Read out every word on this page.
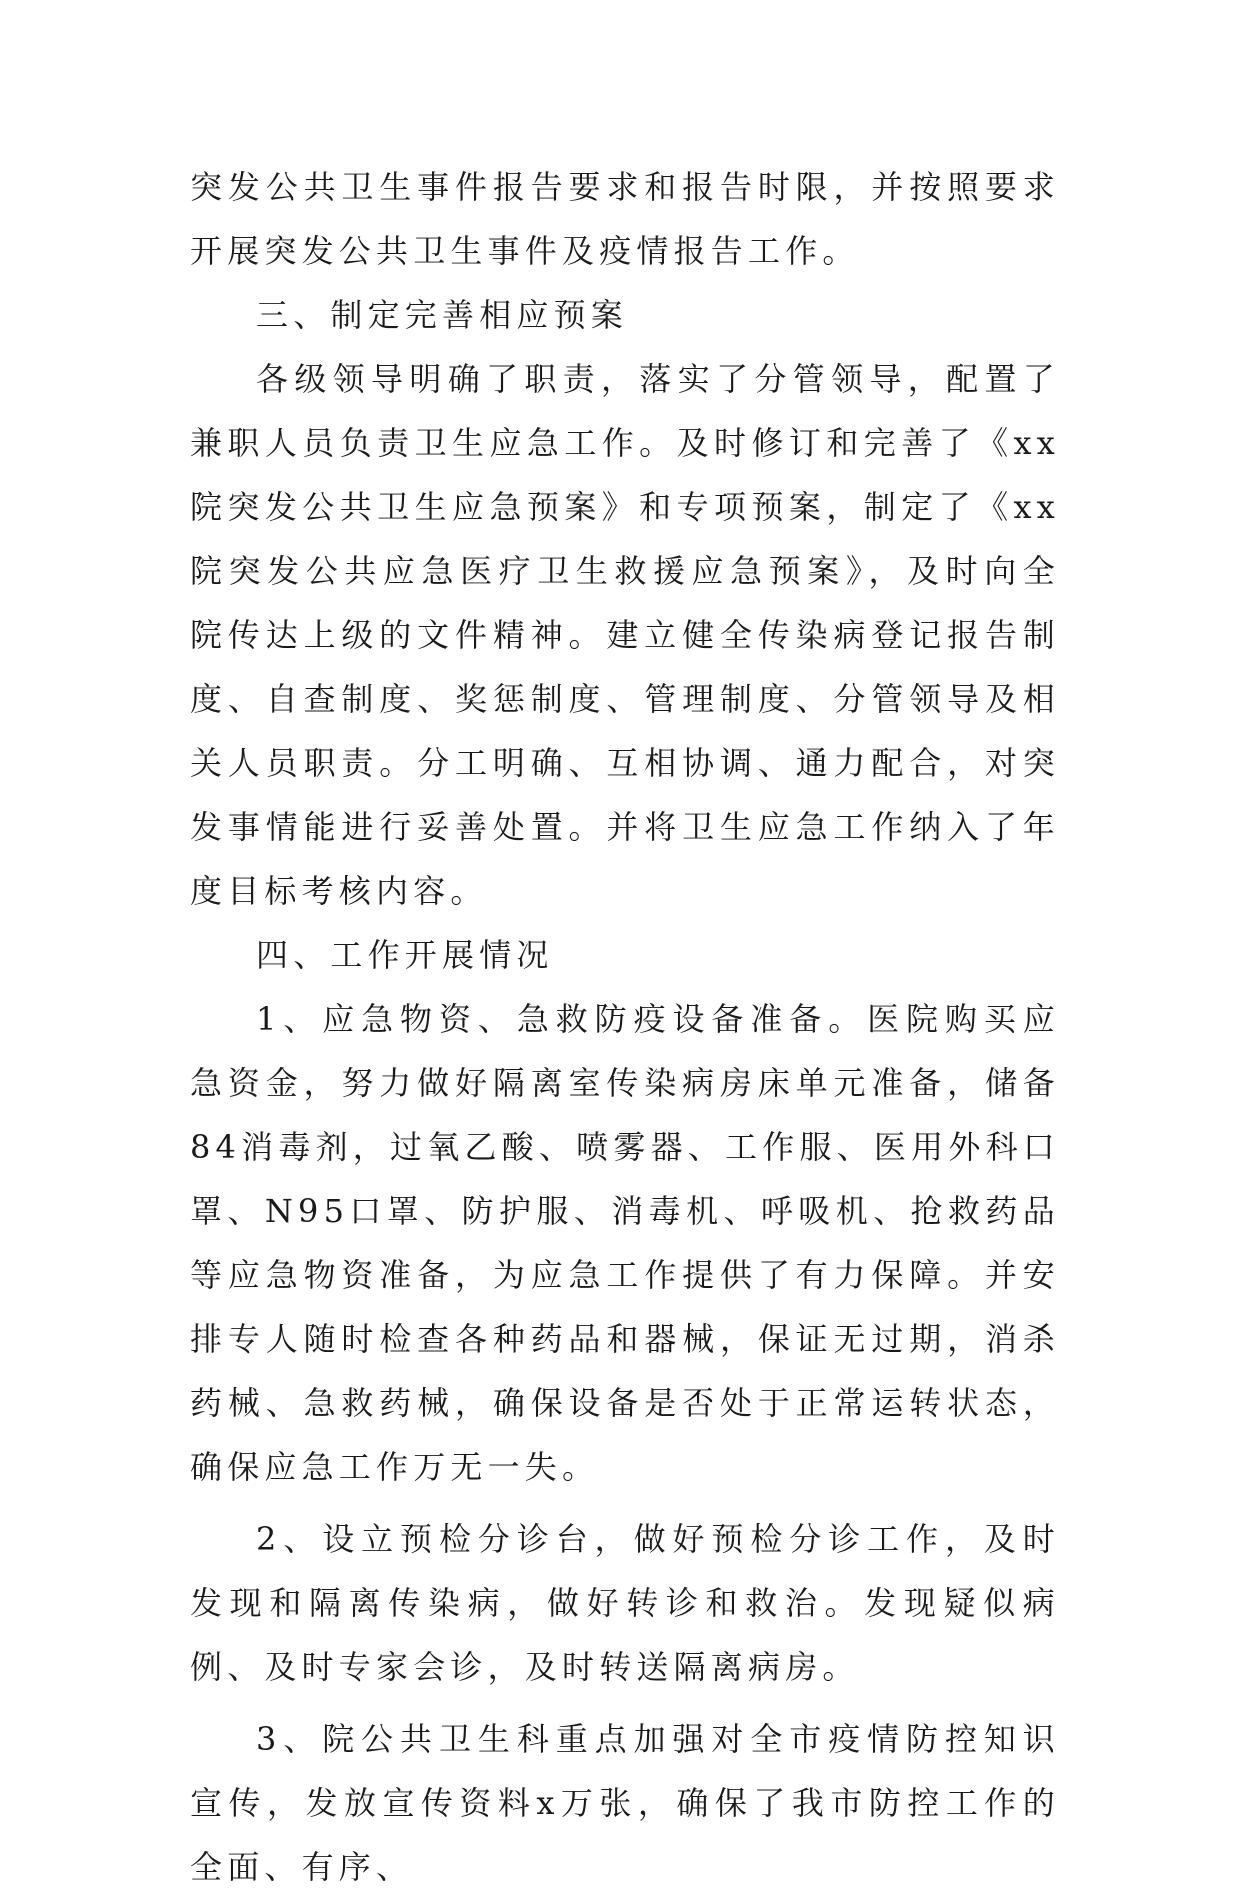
突发公共卫生事件报告要求和报告时限，并按照要求开展突发公共卫生事件及疫情报告工作。

三、制定完善相应预案

各级领导明确了职责，落实了分管领导，配置了兼职人员负责卫生应急工作。及时修订和完善了《xx院突发公共卫生应急预案》和专项预案，制定了《xx院突发公共应急医疗卫生救援应急预案》，及时向全院传达上级的文件精神。建立健全传染病登记报告制度、自查制度、奖惩制度、管理制度、分管领导及相关人员职责。分工明确、互相协调、通力配合，对突发事情能进行妥善处置。并将卫生应急工作纳入了年度目标考核内容。

四、工作开展情况

1、应急物资、急救防疫设备准备。医院购买应急资金，努力做好隔离室传染病房床单元准备，储备84消毒剂，过氧乙酸、喷雾器、工作服、医用外科口罩、N95口罩、防护服、消毒机、呼吸机、抢救药品等应急物资准备，为应急工作提供了有力保障。并安排专人随时检查各种药品和器械，保证无过期，消杀药械、急救药械，确保设备是否处于正常运转状态，确保应急工作万无一失。

2、设立预检分诊台，做好预检分诊工作，及时发现和隔离传染病，做好转诊和救治。发现疑似病例、及时专家会诊，及时转送隔离病房。

3、院公共卫生科重点加强对全市疫情防控知识宣传，发放宣传资料x万张，确保了我市防控工作的全面、有序、
